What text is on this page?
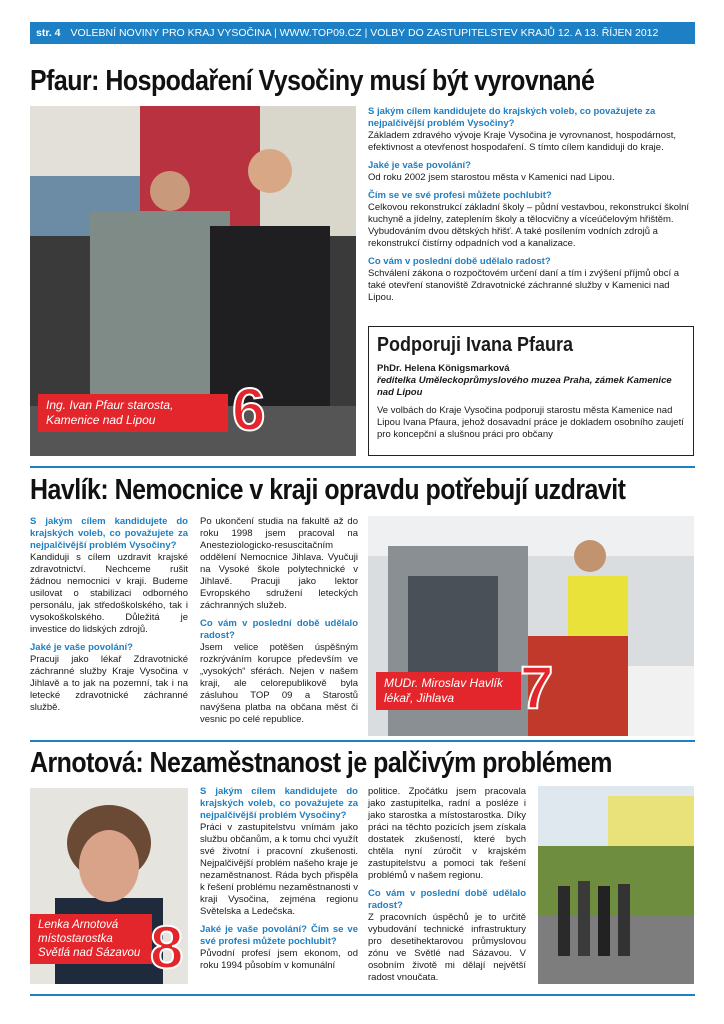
str. 4 VOLEBNÍ NOVINY PRO KRAJ VYSOČINA | WWW.TOP09.CZ | VOLBY DO ZASTUPITELSTEV KRAJŮ 12. A 13. ŘÍJEN 2012
Pfaur: Hospodaření Vysočiny musí být vyrovnané
Ing. Ivan Pfaur starosta, Kamenice nad Lipou	6
S jakým cílem kandidujete do krajských voleb, co považujete za nejpalčivější problém Vysočiny?
Základem zdravého vývoje Kraje Vysočina je vyrovnanost, hospodárnost, efektivnost a otevřenost hospodaření. S tímto cílem kandiduji do kraje.
Jaké je vaše povolání?
Od roku 2002 jsem starostou města v Kamenici nad Lipou.
Čím se ve své profesi můžete pochlubit?
Celkovou rekonstrukcí základní školy – půdní vestavbou, rekonstrukcí školní kuchyně a jídelny, zateplením školy a tělocvičny a víceúčelovým hřištěm. Vybudováním dvou dětských hřišť. A také posílením vodních zdrojů a rekonstrukcí čistírny odpadních vod a kanalizace.
Co vám v poslední době udělalo radost?
Schválení zákona o rozpočtovém určení daní a tím i zvýšení příjmů obcí a také otevření stanoviště Zdravotnické záchranné služby v Kamenici nad Lipou.
Podporuji Ivana Pfaura
PhDr. Helena Königsmarková
ředitelka Uměleckoprůmyslového muzea Praha, zámek Kamenice nad Lipou
Ve volbách do Kraje Vysočina podporuji starostu města Kamenice nad Lipou Ivana Pfaura, jehož dosavadní práce je dokladem osobního zaujetí pro koncepční a slušnou práci pro občany
Havlík: Nemocnice v kraji opravdu potřebují uzdravit
S jakým cílem kandidujete do krajských voleb, co považujete za nejpalčivější problém Vysočiny?
Kandiduji s cílem uzdravit krajské zdravotnictví. Nechceme rušit žádnou nemocnici v kraji. Budeme usilovat o stabilizaci odborného personálu, jak středoškolského, tak i vysokoškolského. Důležitá je investice do lidských zdrojů.
Jaké je vaše povolání?
Pracuji jako lékař Zdravotnické záchranné služby Kraje Vysočina v Jihlavě a to jak na pozemní, tak i na letecké zdravotnické záchranné službě.
Po ukončení studia na fakultě až do roku 1998 jsem pracoval na Anesteziologicko-resuscitačním oddělení Nemocnice Jihlava. Vyučuji na Vysoké škole polytechnické v Jihlavě. Pracuji jako lektor Evropského sdružení leteckých záchranných služeb.
Co vám v poslední době udělalo radost?
Jsem velice potěšen úspěšným rozkrýváním korupce především ve „vysokých“ sférách. Nejen v našem kraji, ale celorepublikově byla zásluhou TOP 09 a Starostů navýšena platba na občana měst či vesnic po celé republice.
MUDr. Miroslav Havlík lékař, Jihlava	7
Arnotová: Nezaměstnanost je palčivým problémem
Lenka Arnotová místostarostka Světlá nad Sázavou 8
S jakým cílem kandidujete do krajských voleb, co považujete za nejpalčivější problém Vysočiny?
Práci v zastupitelstvu vnímám jako službu občanům, a k tomu chci využít své životní i pracovní zkušenosti. Nejpalčivější problém našeho kraje je nezaměstnanost. Ráda bych přispěla k řešení problému nezaměstnanosti v kraji Vysočina, zejména regionu Světelska a Ledečska.
Jaké je vaše povolání? Čím se ve své profesi můžete pochlubit?
Původní profesí jsem ekonom, od roku 1994 působím v komunální
politice. Zpočátku jsem pracovala jako zastupitelka, radní a posléze i jako starostka a místostarostka. Díky práci na těchto pozicích jsem získala dostatek zkušeností, které bych chtěla nyní zúročit v krajském zastupitelstvu a pomoci tak řešení problémů v našem regionu.
Co vám v poslední době udělalo radost?
Z pracovních úspěchů je to určitě vybudování technické infrastruktury pro desetihektarovou průmyslovou zónu ve Světlé nad Sázavou. V osobním životě mi dělají největší radost vnoučata.
